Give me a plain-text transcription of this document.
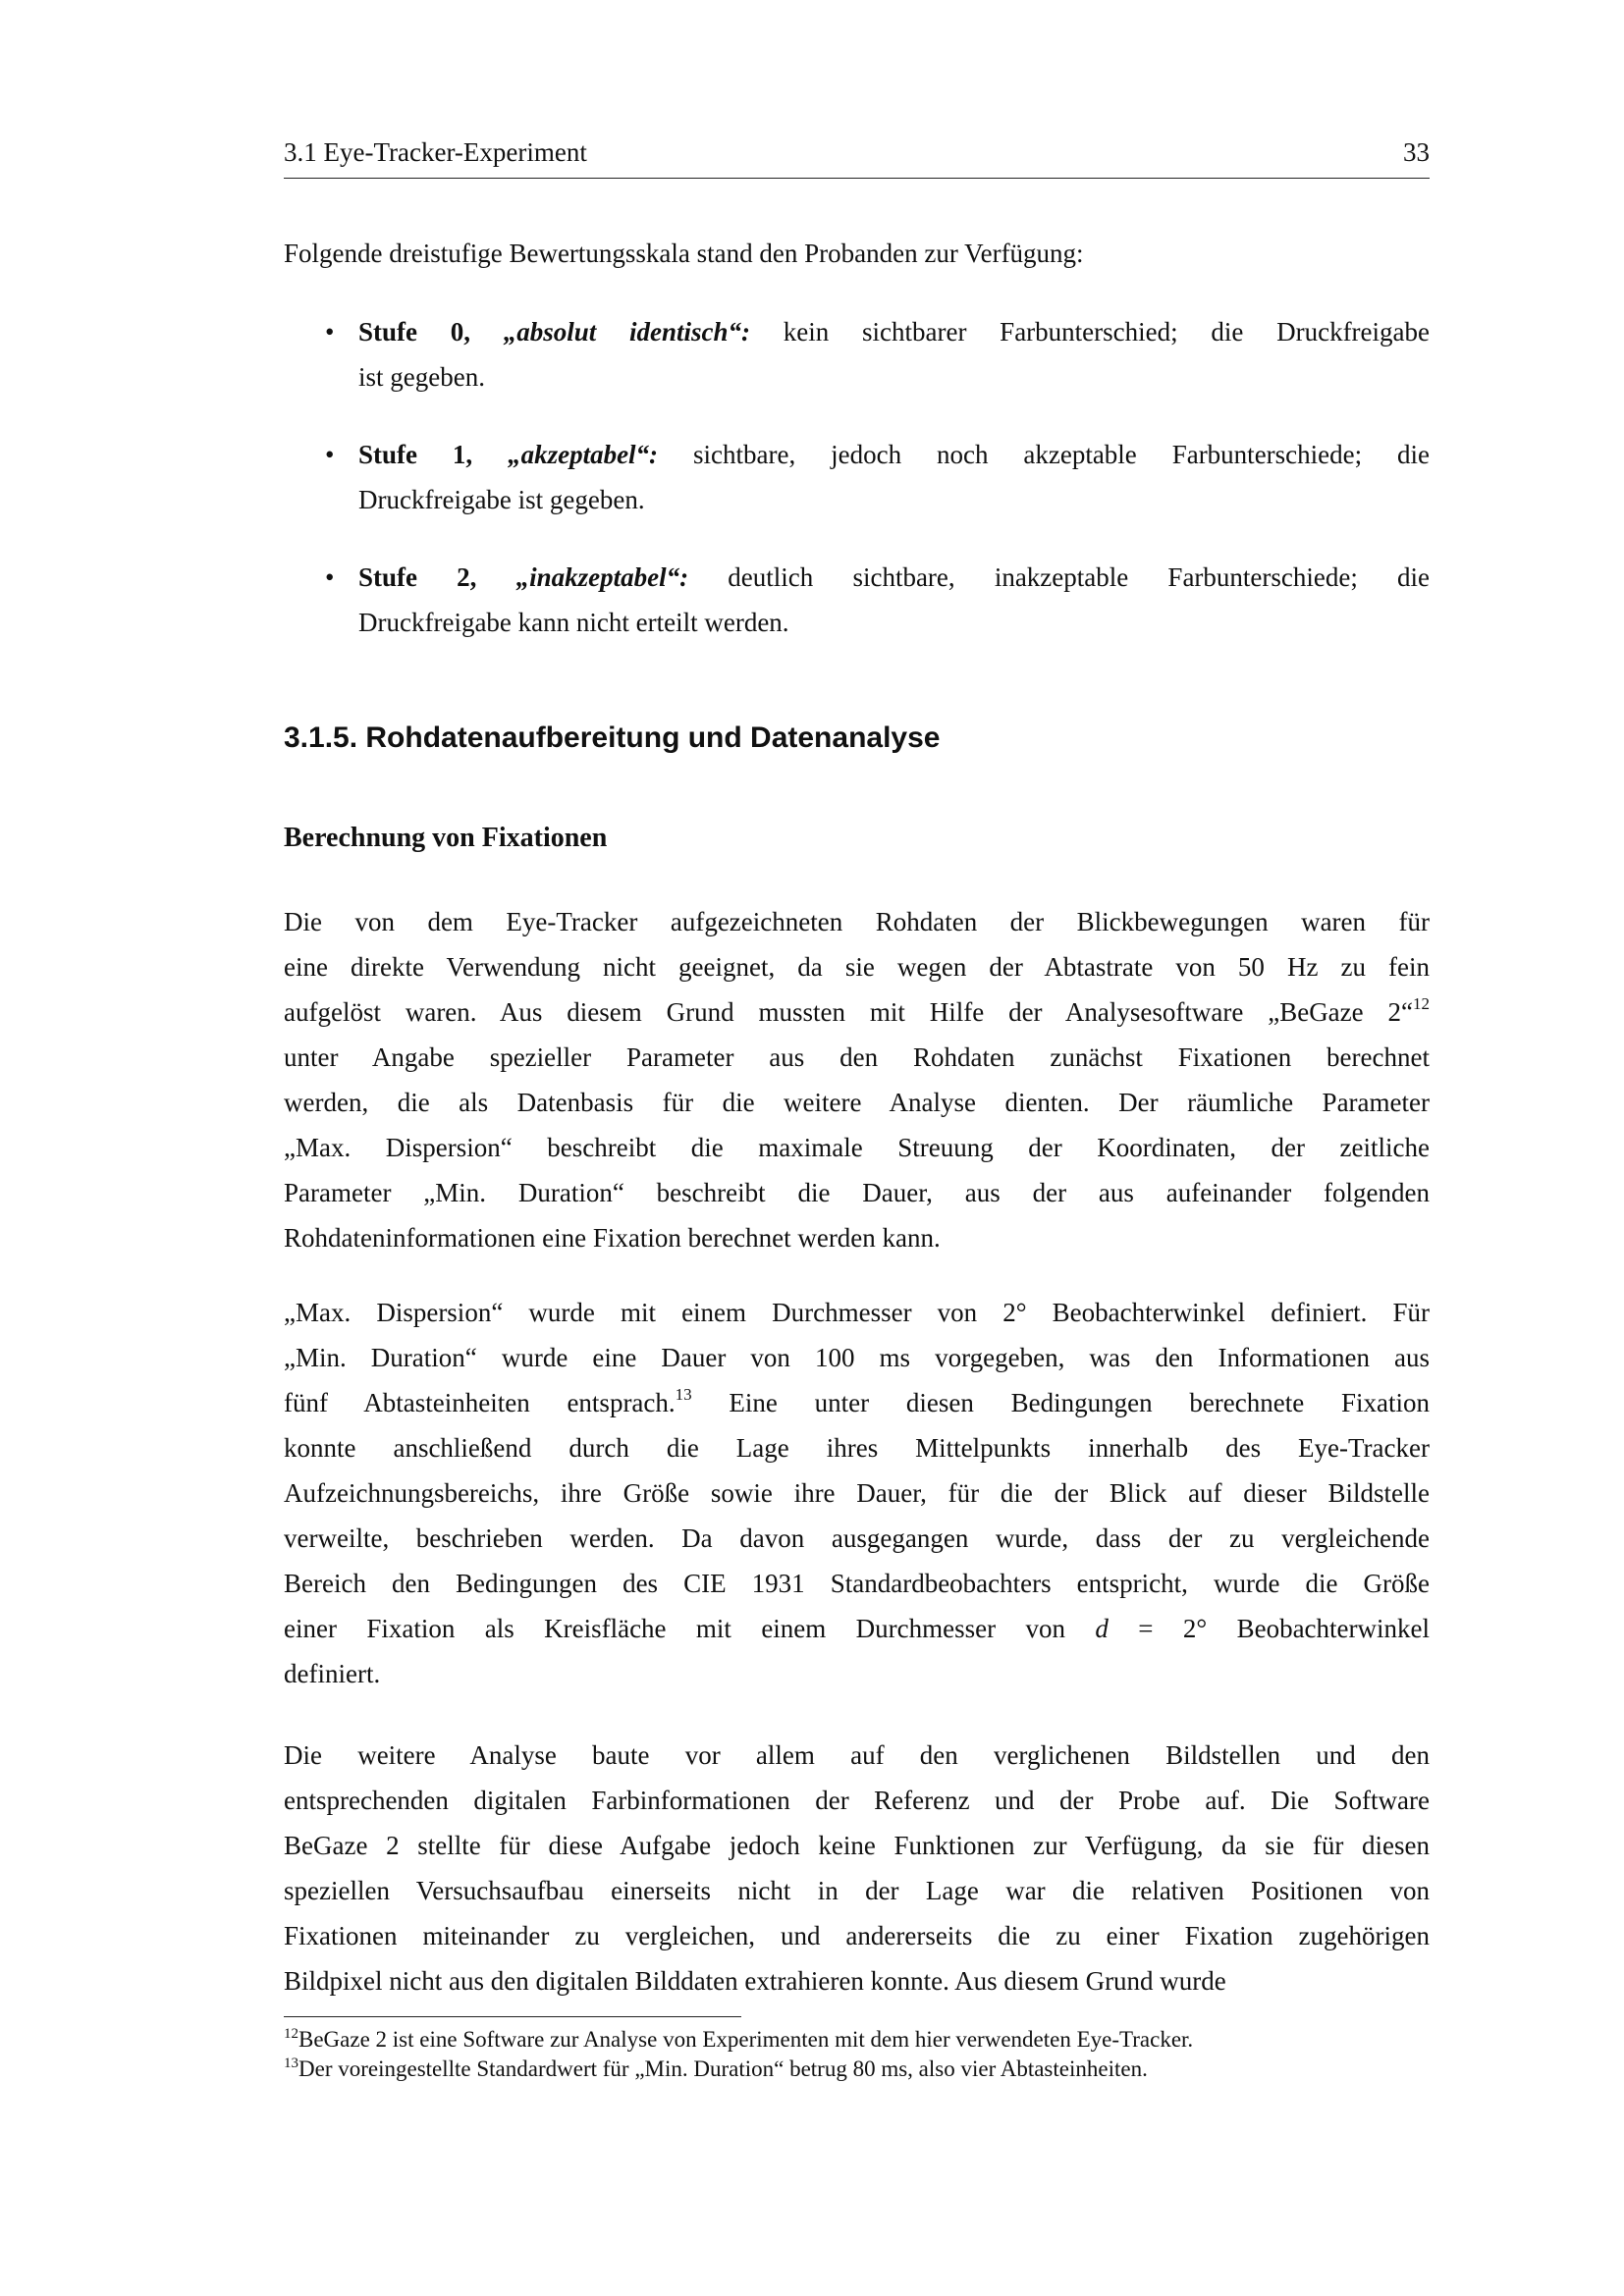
3.1 Eye-Tracker-Experiment	33
Folgende dreistufige Bewertungsskala stand den Probanden zur Verfügung:
• Stufe 0, „absolut identisch“: kein sichtbarer Farbunterschied; die Druckfreigabe
ist gegeben.
• Stufe 1, „akzeptabel“: sichtbare, jedoch noch akzeptable Farbunterschiede; die
Druckfreigabe ist gegeben.
• Stufe 2, „inakzeptabel“: deutlich sichtbare, inakzeptable Farbunterschiede; die
Druckfreigabe kann nicht erteilt werden.
3.1.5. Rohdatenaufbereitung und Datenanalyse
Berechnung von Fixationen
Die von dem Eye-Tracker aufgezeichneten Rohdaten der Blickbewegungen waren für
eine direkte Verwendung nicht geeignet, da sie wegen der Abtastrate von 50 Hz zu fein
aufgelöst waren. Aus diesem Grund mussten mit Hilfe der Analysesoftware „BeGaze 2“$^{12}$
unter Angabe spezieller Parameter aus den Rohdaten zunächst Fixationen berechnet
werden, die als Datenbasis für die weitere Analyse dienten. Der räumliche Parameter
„Max. Dispersion“ beschreibt die maximale Streuung der Koordinaten, der zeitliche
Parameter „Min. Duration“ beschreibt die Dauer, aus der aus aufeinander folgenden
Rohdateninformationen eine Fixation berechnet werden kann.
„Max. Dispersion“ wurde mit einem Durchmesser von 2° Beobachterwinkel definiert. Für
„Min. Duration“ wurde eine Dauer von 100 ms vorgegeben, was den Informationen aus
fünf Abtasteinheiten entsprach.$^{13}$ Eine unter diesen Bedingungen berechnete Fixation
konnte anschließend durch die Lage ihres Mittelpunkts innerhalb des Eye-Tracker
Aufzeichnungsbereichs, ihre Größe sowie ihre Dauer, für die der Blick auf dieser Bildstelle
verweilte, beschrieben werden. Da davon ausgegangen wurde, dass der zu vergleichende
Bereich den Bedingungen des CIE 1931 Standardbeobachters entspricht, wurde die Größe
einer Fixation als Kreisfläche mit einem Durchmesser von d = 2° Beobachterwinkel
definiert.
Die weitere Analyse baute vor allem auf den verglichenen Bildstellen und den
entsprechenden digitalen Farbinformationen der Referenz und der Probe auf. Die Software
BeGaze 2 stellte für diese Aufgabe jedoch keine Funktionen zur Verfügung, da sie für diesen
speziellen Versuchsaufbau einerseits nicht in der Lage war die relativen Positionen von
Fixationen miteinander zu vergleichen, und andererseits die zu einer Fixation zugehörigen
Bildpixel nicht aus den digitalen Bilddaten extrahieren konnte. Aus diesem Grund wurde
$^{12}$BeGaze 2 ist eine Software zur Analyse von Experimenten mit dem hier verwendeten Eye-Tracker.
$^{13}$Der voreingestellte Standardwert für „Min. Duration“ betrug 80 ms, also vier Abtasteinheiten.
